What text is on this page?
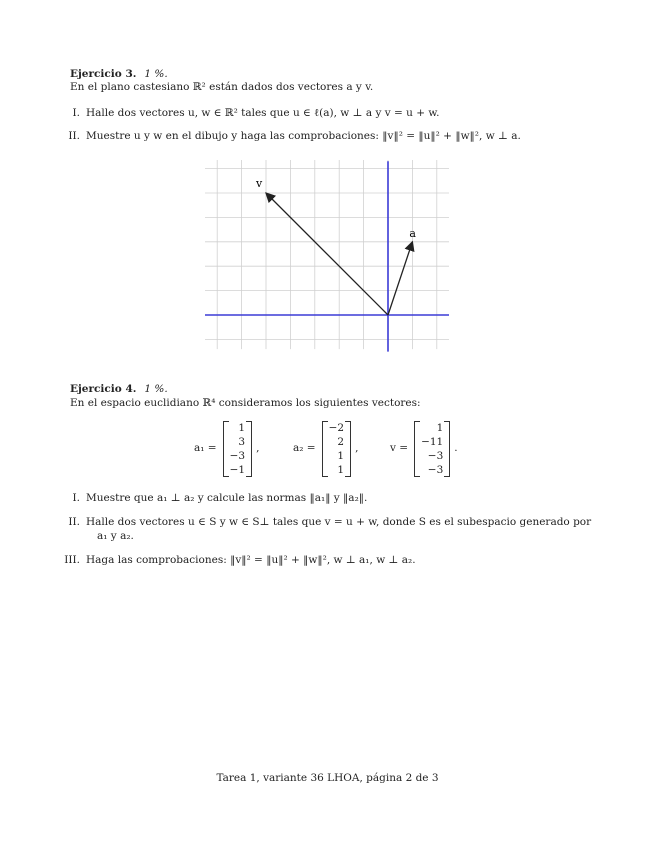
Ejercicio 3. 1 %.
En el plano castesiano ℝ² están dados dos vectores a y v.
I. Halle dos vectores u, w ∈ ℝ² tales que u ∈ ℓ(a), w ⊥ a y v = u + w.
II. Muestre u y w en el dibujo y haga las comprobaciones: ‖v‖² = ‖u‖² + ‖w‖², w ⊥ a.
v
a
Ejercicio 4. 1 %.
En el espacio euclidiano ℝ⁴ consideramos los siguientes vectores:
a₁ =
1
3
−3
−1
,	a₂ =
−2
2
1
1
,	v =
1
−11
−3
−3
.
I. Muestre que a₁ ⊥ a₂ y calcule las normas ‖a₁‖ y ‖a₂‖.
II. Halle dos vectores u ∈ S y w ∈ S⊥ tales que v = u + w, donde S es el subespacio generado por
a₁ y a₂.
III. Haga las comprobaciones: ‖v‖² = ‖u‖² + ‖w‖², w ⊥ a₁, w ⊥ a₂.
Tarea 1, variante 36 LHOA, página 2 de 3
